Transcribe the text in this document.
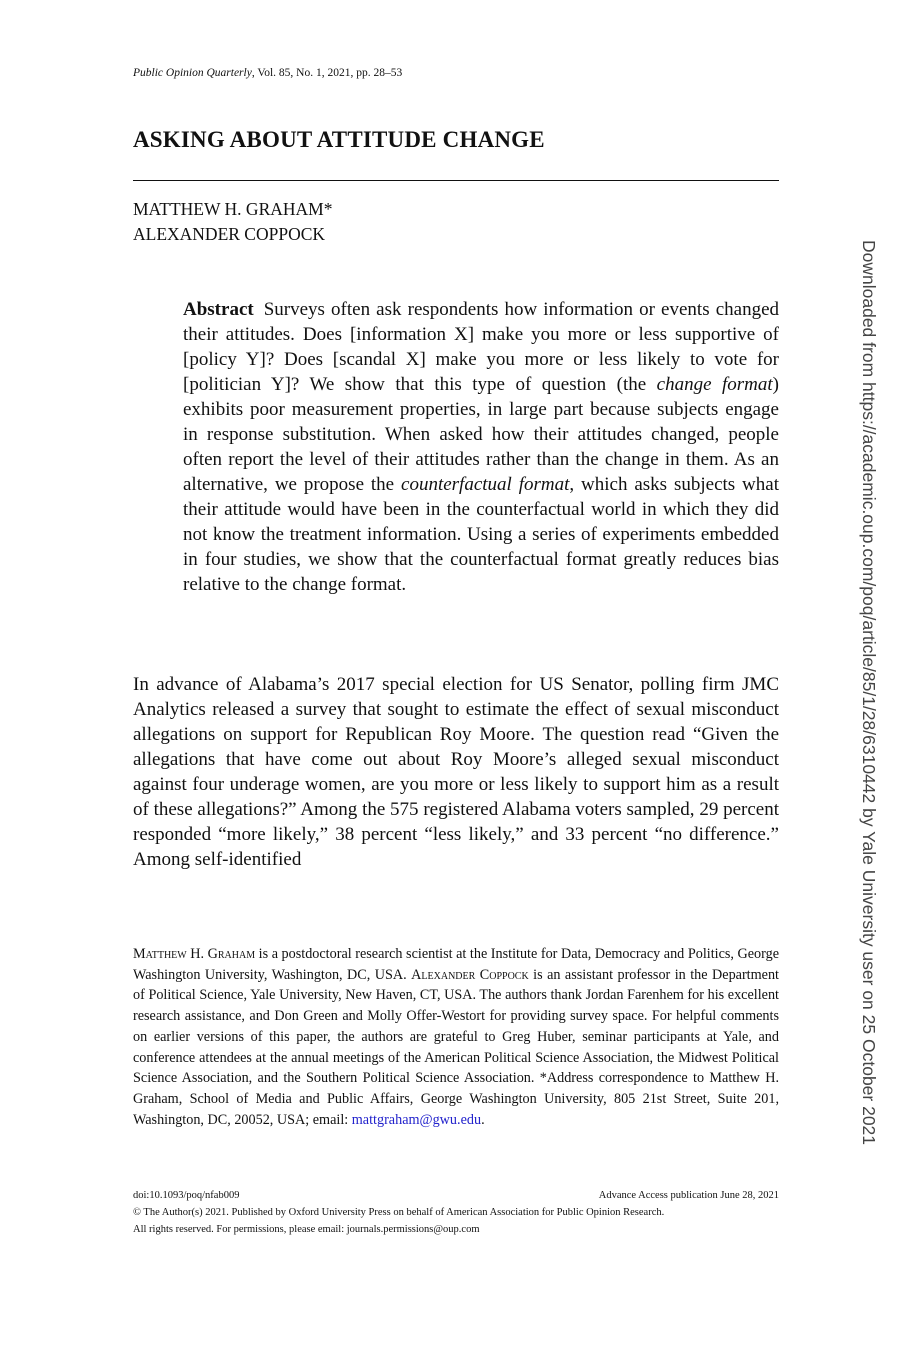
Public Opinion Quarterly, Vol. 85, No. 1, 2021, pp. 28–53
ASKING ABOUT ATTITUDE CHANGE
MATTHEW H. GRAHAM*
ALEXANDER COPPOCK

Abstract Surveys often ask respondents how information or events changed their attitudes. Does [information X] make you more or less supportive of [policy Y]? Does [scandal X] make you more or less likely to vote for [politician Y]? We show that this type of question (the change format) exhibits poor measurement properties, in large part because subjects engage in response substitution. When asked how their attitudes changed, people often report the level of their attitudes rather than the change in them. As an alternative, we propose the counterfactual format, which asks subjects what their attitude would have been in the counterfactual world in which they did not know the treatment information. Using a series of experiments embedded in four studies, we show that the counterfactual format greatly reduces bias relative to the change format.

In advance of Alabama’s 2017 special election for US Senator, polling firm JMC Analytics released a survey that sought to estimate the effect of sexual misconduct allegations on support for Republican Roy Moore. The question read “Given the allegations that have come out about Roy Moore’s alleged sexual misconduct against four underage women, are you more or less likely to support him as a result of these allegations?” Among the 575 registered Alabama voters sampled, 29 percent responded “more likely,” 38 percent “less likely,” and 33 percent “no difference.” Among self-identified

Matthew H. Graham is a postdoctoral research scientist at the Institute for Data, Democracy and Politics, George Washington University, Washington, DC, USA. Alexander Coppock is an assistant professor in the Department of Political Science, Yale University, New Haven, CT, USA. The authors thank Jordan Farenhem for his excellent research assistance, and Don Green and Molly Offer-Westort for providing survey space. For helpful comments on earlier versions of this paper, the authors are grateful to Greg Huber, seminar participants at Yale, and conference attendees at the annual meetings of the American Political Science Association, the Midwest Political Science Association, and the Southern Political Science Association. *Address correspondence to Matthew H. Graham, School of Media and Public Affairs, George Washington University, 805 21st Street, Suite 201, Washington, DC, 20052, USA; email: mattgraham@gwu.edu.

doi:10.1093/poq/nfab009	Advance Access publication June 28, 2021
© The Author(s) 2021. Published by Oxford University Press on behalf of American Association for Public Opinion Research.
All rights reserved. For permissions, please email: journals.permissions@oup.com
Downloaded from https://academic.oup.com/poq/article/85/1/28/6310442 by Yale University user on 25 October 2021
